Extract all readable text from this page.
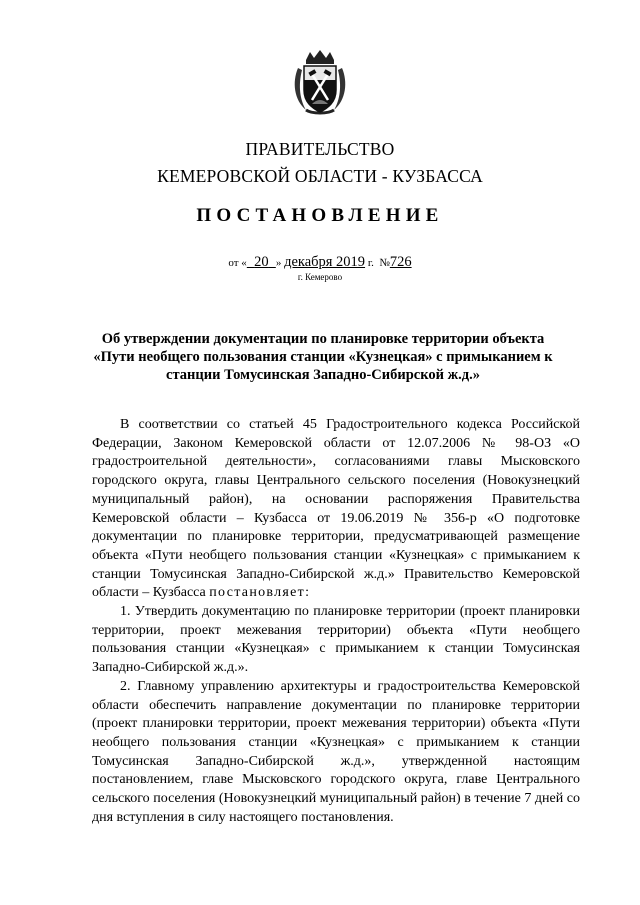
ПРАВИТЕЛЬСТВО
КЕМЕРОВСКОЙ ОБЛАСТИ - КУЗБАССА
ПОСТАНОВЛЕНИЕ
от « 20 » декабря 2019 г. №726
г. Кемерово
Об утверждении документации по планировке территории объекта
«Пути необщего пользования станции «Кузнецкая» с примыканием к
станции Томусинская Западно-Сибирской ж.д.»

В соответствии со статьей 45 Градостроительного кодекса Российской Федерации, Законом Кемеровской области от 12.07.2006 № 98-ОЗ «О градостроительной деятельности», согласованиями главы Мысковского городского округа, главы Центрального сельского поселения (Новокузнецкий муниципальный район), на основании распоряжения Правительства Кемеровской области – Кузбасса от 19.06.2019 № 356-р «О подготовке документации по планировке территории, предусматривающей размещение объекта «Пути необщего пользования станции «Кузнецкая» с примыканием к станции Томусинская Западно-Сибирской ж.д.» Правительство Кемеровской области – Кузбасса постановляет:

1. Утвердить документацию по планировке территории (проект планировки территории, проект межевания территории) объекта «Пути необщего пользования станции «Кузнецкая» с примыканием к станции Томусинская Западно-Сибирской ж.д.».

2. Главному управлению архитектуры и градостроительства Кемеровской области обеспечить направление документации по планировке территории (проект планировки территории, проект межевания территории) объекта «Пути необщего пользования станции «Кузнецкая» с примыканием к станции Томусинская Западно-Сибирской ж.д.», утвержденной настоящим постановлением, главе Мысковского городского округа, главе Центрального сельского поселения (Новокузнецкий муниципальный район) в течение 7 дней со дня вступления в силу настоящего постановления.
